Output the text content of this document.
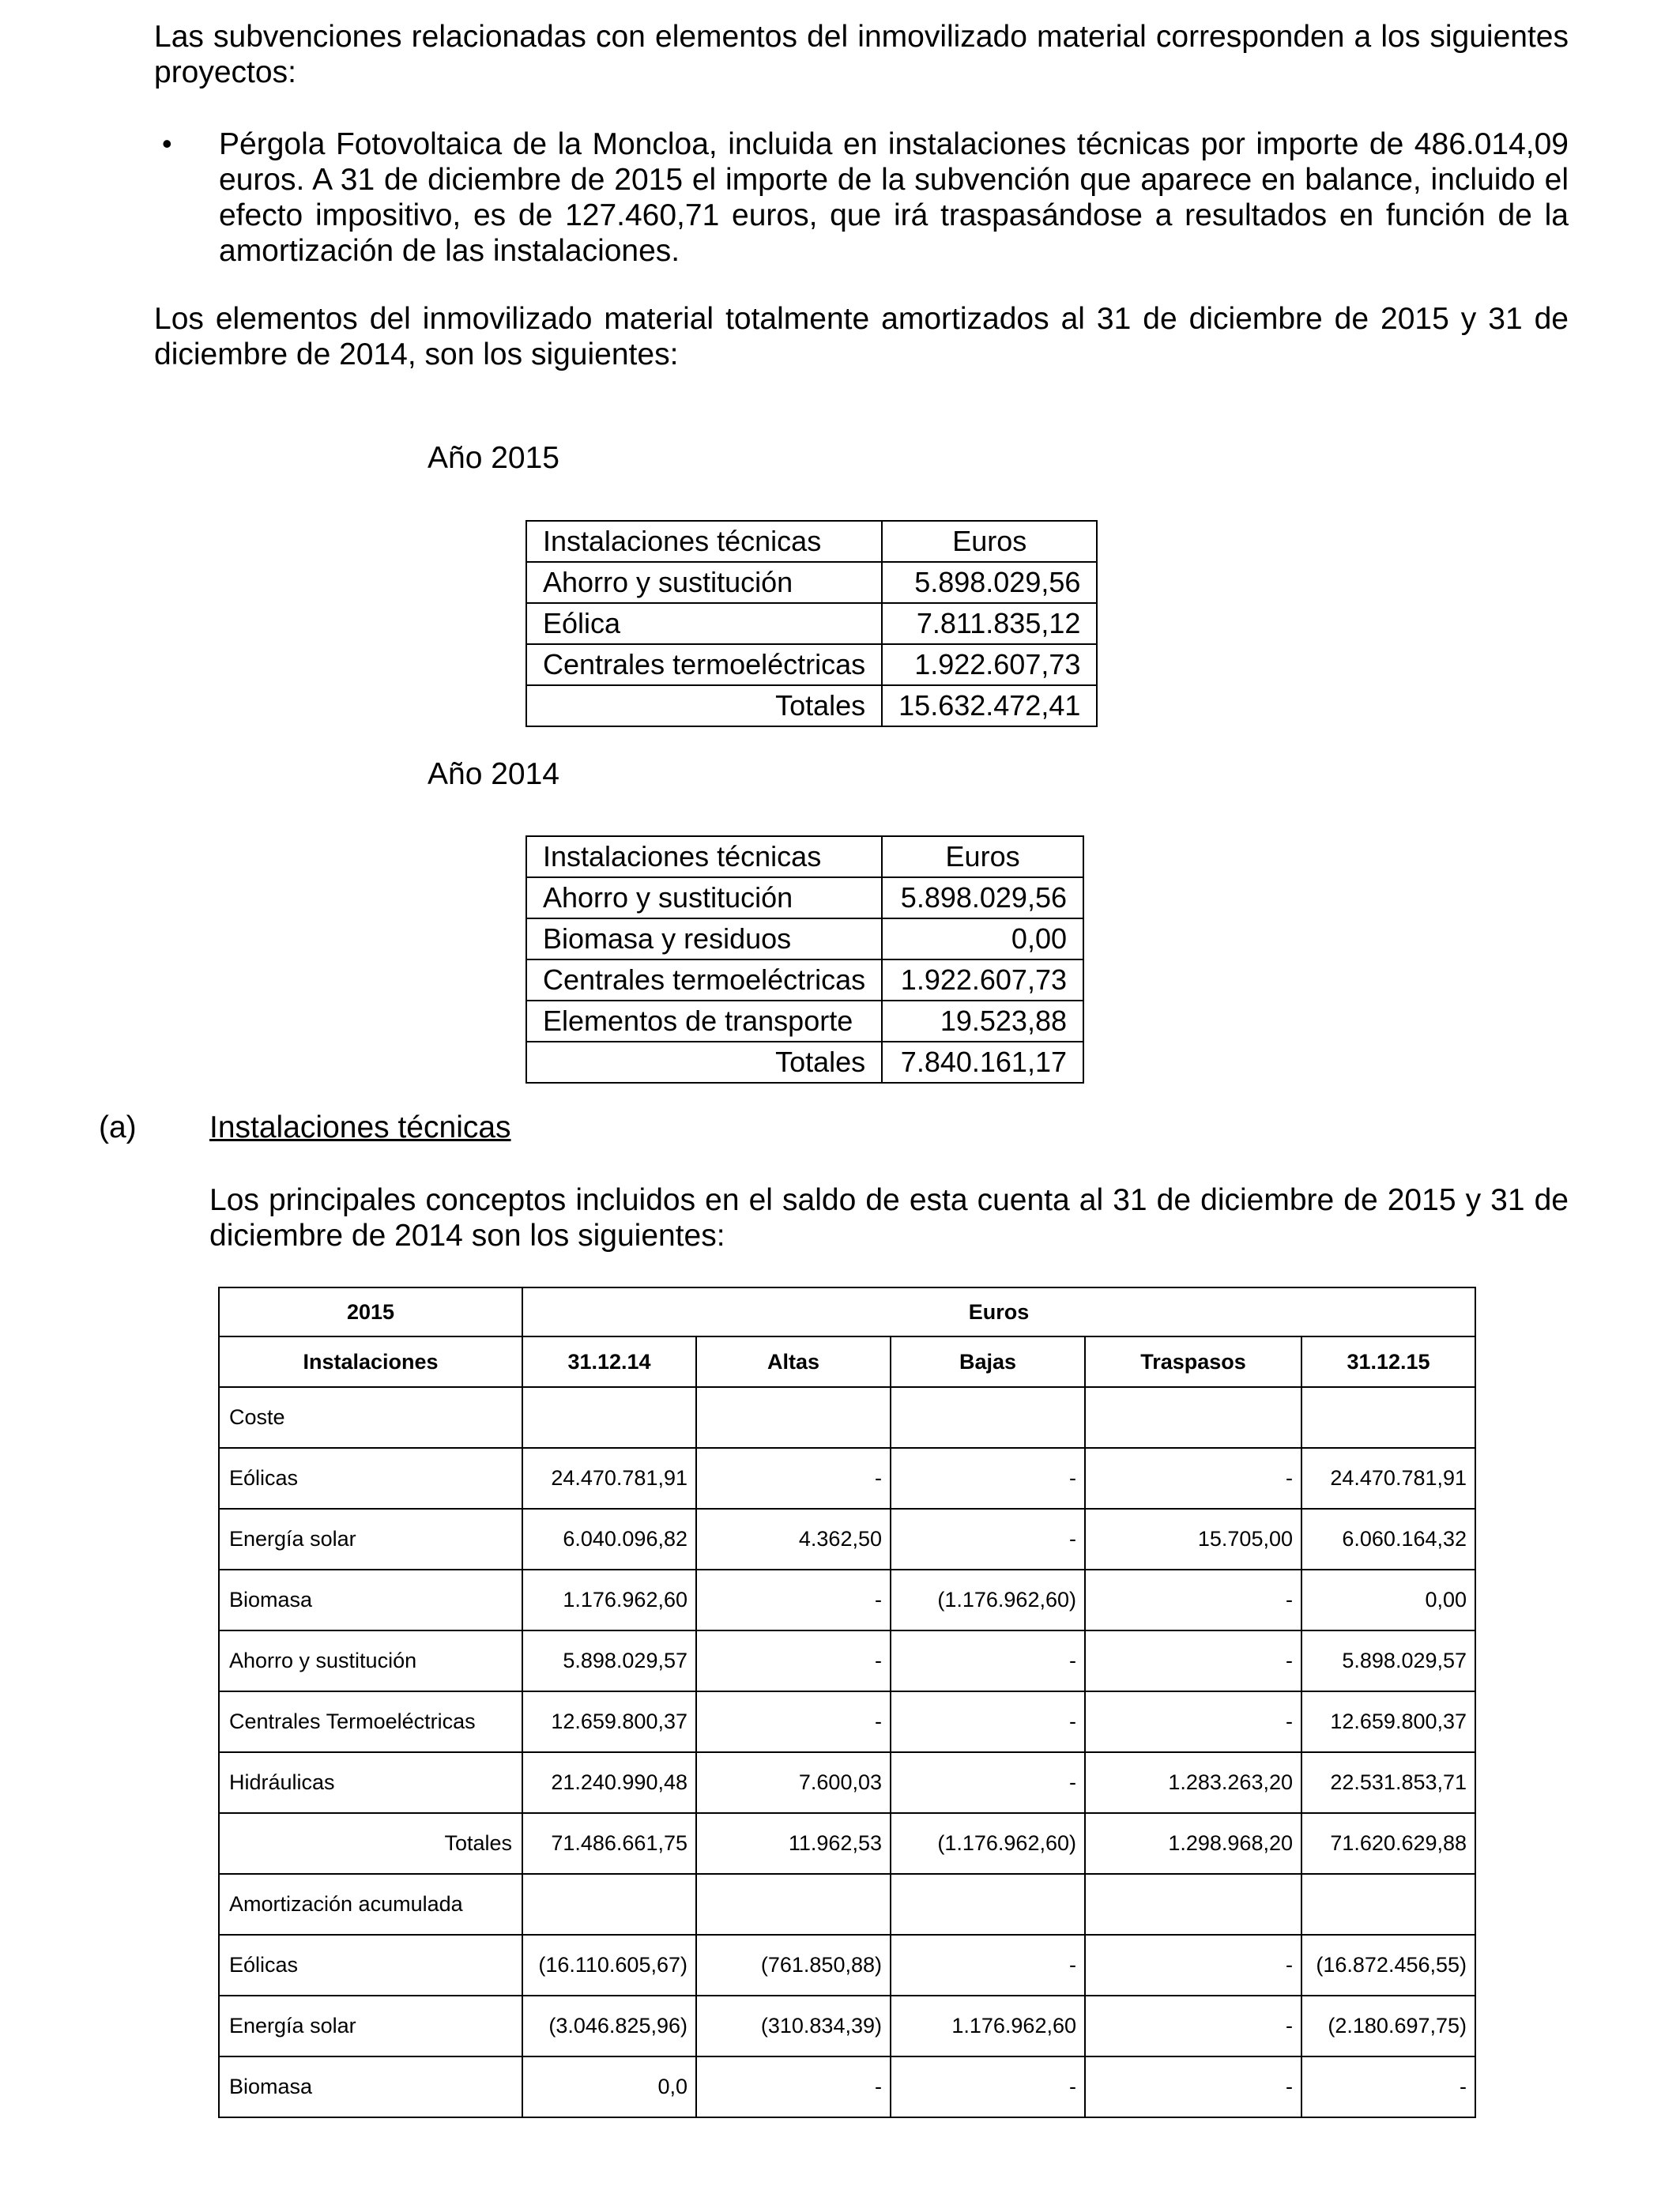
Las subvenciones relacionadas con elementos del inmovilizado material corresponden a los siguientes proyectos:
• Pérgola Fotovoltaica de la Moncloa, incluida en instalaciones técnicas por importe de 486.014,09 euros. A 31 de diciembre de 2015 el importe de la subvención que aparece en balance, incluido el efecto impositivo, es de 127.460,71 euros, que irá traspasándose a resultados en función de la amortización de las instalaciones.
Los elementos del inmovilizado material totalmente amortizados al 31 de diciembre de 2015 y 31 de diciembre de 2014, son los siguientes:
Año 2015
Instalaciones técnicas	Euros
Ahorro y sustitución	5.898.029,56
Eólica	7.811.835,12
Centrales termoeléctricas	1.922.607,73
Totales	15.632.472,41
Año 2014
Instalaciones técnicas	Euros
Ahorro y sustitución	5.898.029,56
Biomasa y residuos	0,00
Centrales termoeléctricas	1.922.607,73
Elementos de transporte	19.523,88
Totales	7.840.161,17
(a) Instalaciones técnicas
Los principales conceptos incluidos en el saldo de esta cuenta al 31 de diciembre de 2015 y 31 de diciembre de 2014 son los siguientes:
2015	Euros				
Instalaciones	31.12.14	Altas	Bajas	Traspasos	31.12.15
Coste					
Eólicas	24.470.781,91	-	-	-	24.470.781,91
Energía solar	6.040.096,82	4.362,50	-	15.705,00	6.060.164,32
Biomasa	1.176.962,60	-	(1.176.962,60)	-	0,00
Ahorro y sustitución	5.898.029,57	-	-	-	5.898.029,57
Centrales Termoeléctricas	12.659.800,37	-	-	-	12.659.800,37
Hidráulicas	21.240.990,48	7.600,03	-	1.283.263,20	22.531.853,71
Totales	71.486.661,75	11.962,53	(1.176.962,60)	1.298.968,20	71.620.629,88
Amortización acumulada					
Eólicas	(16.110.605,67)	(761.850,88)	-	-	(16.872.456,55)
Energía solar	(3.046.825,96)	(310.834,39)	1.176.962,60	-	(2.180.697,75)
Biomasa	0,0	-	-	-	-
